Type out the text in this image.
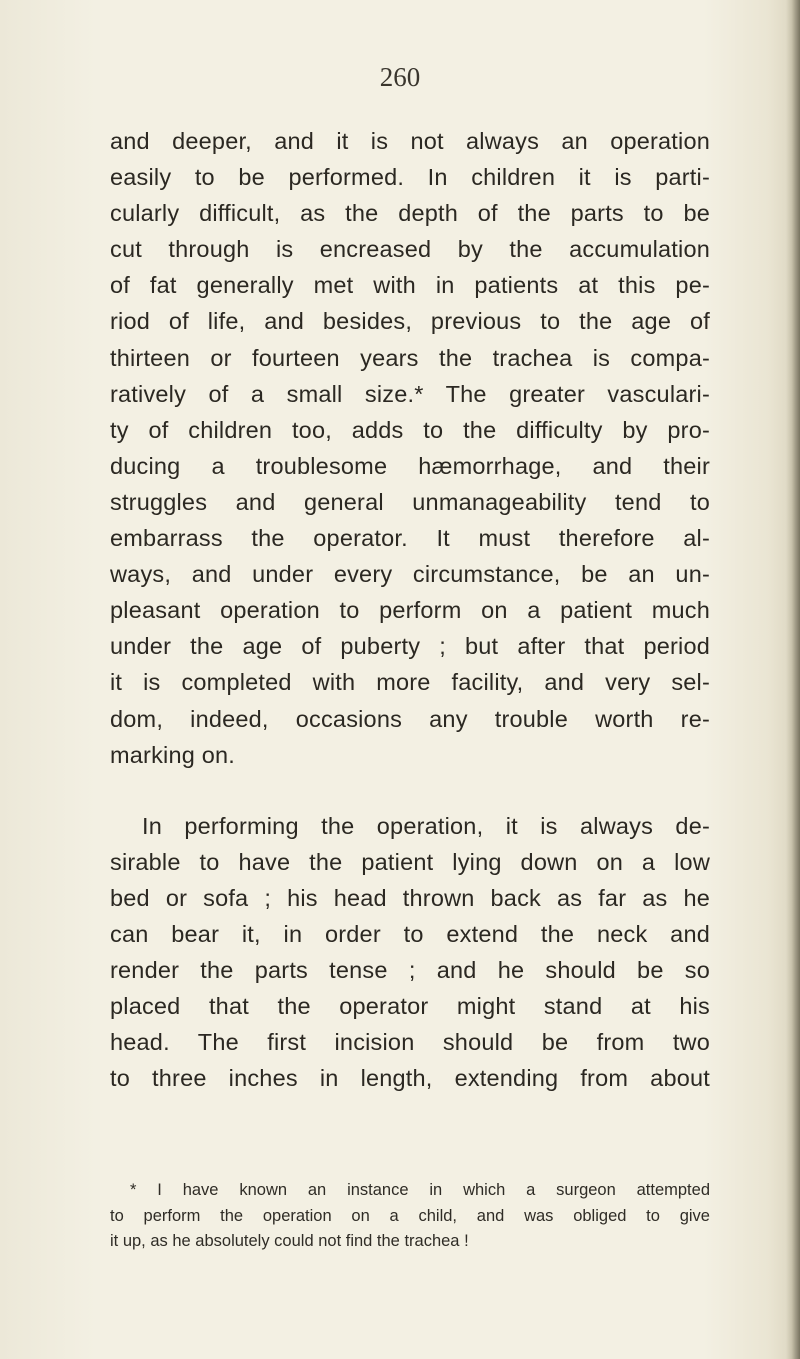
260
and deeper, and it is not always an operation
easily to be performed. In children it is parti-
cularly difficult, as the depth of the parts to be
cut through is encreased by the accumulation
of fat generally met with in patients at this pe-
riod of life, and besides, previous to the age of
thirteen or fourteen years the trachea is compa-
ratively of a small size.* The greater vasculari-
ty of children too, adds to the difficulty by pro-
ducing a troublesome hæmorrhage, and their
struggles and general unmanageability tend to
embarrass the operator. It must therefore al-
ways, and under every circumstance, be an un-
pleasant operation to perform on a patient much
under the age of puberty ; but after that period
it is completed with more facility, and very sel-
dom, indeed, occasions any trouble worth re-
marking on.
In performing the operation, it is always de-
sirable to have the patient lying down on a low
bed or sofa ; his head thrown back as far as he
can bear it, in order to extend the neck and
render the parts tense ; and he should be so
placed that the operator might stand at his
head. The first incision should be from two
to three inches in length, extending from about
* I have known an instance in which a surgeon attempted
to perform the operation on a child, and was obliged to give
it up, as he absolutely could not find the trachea !
